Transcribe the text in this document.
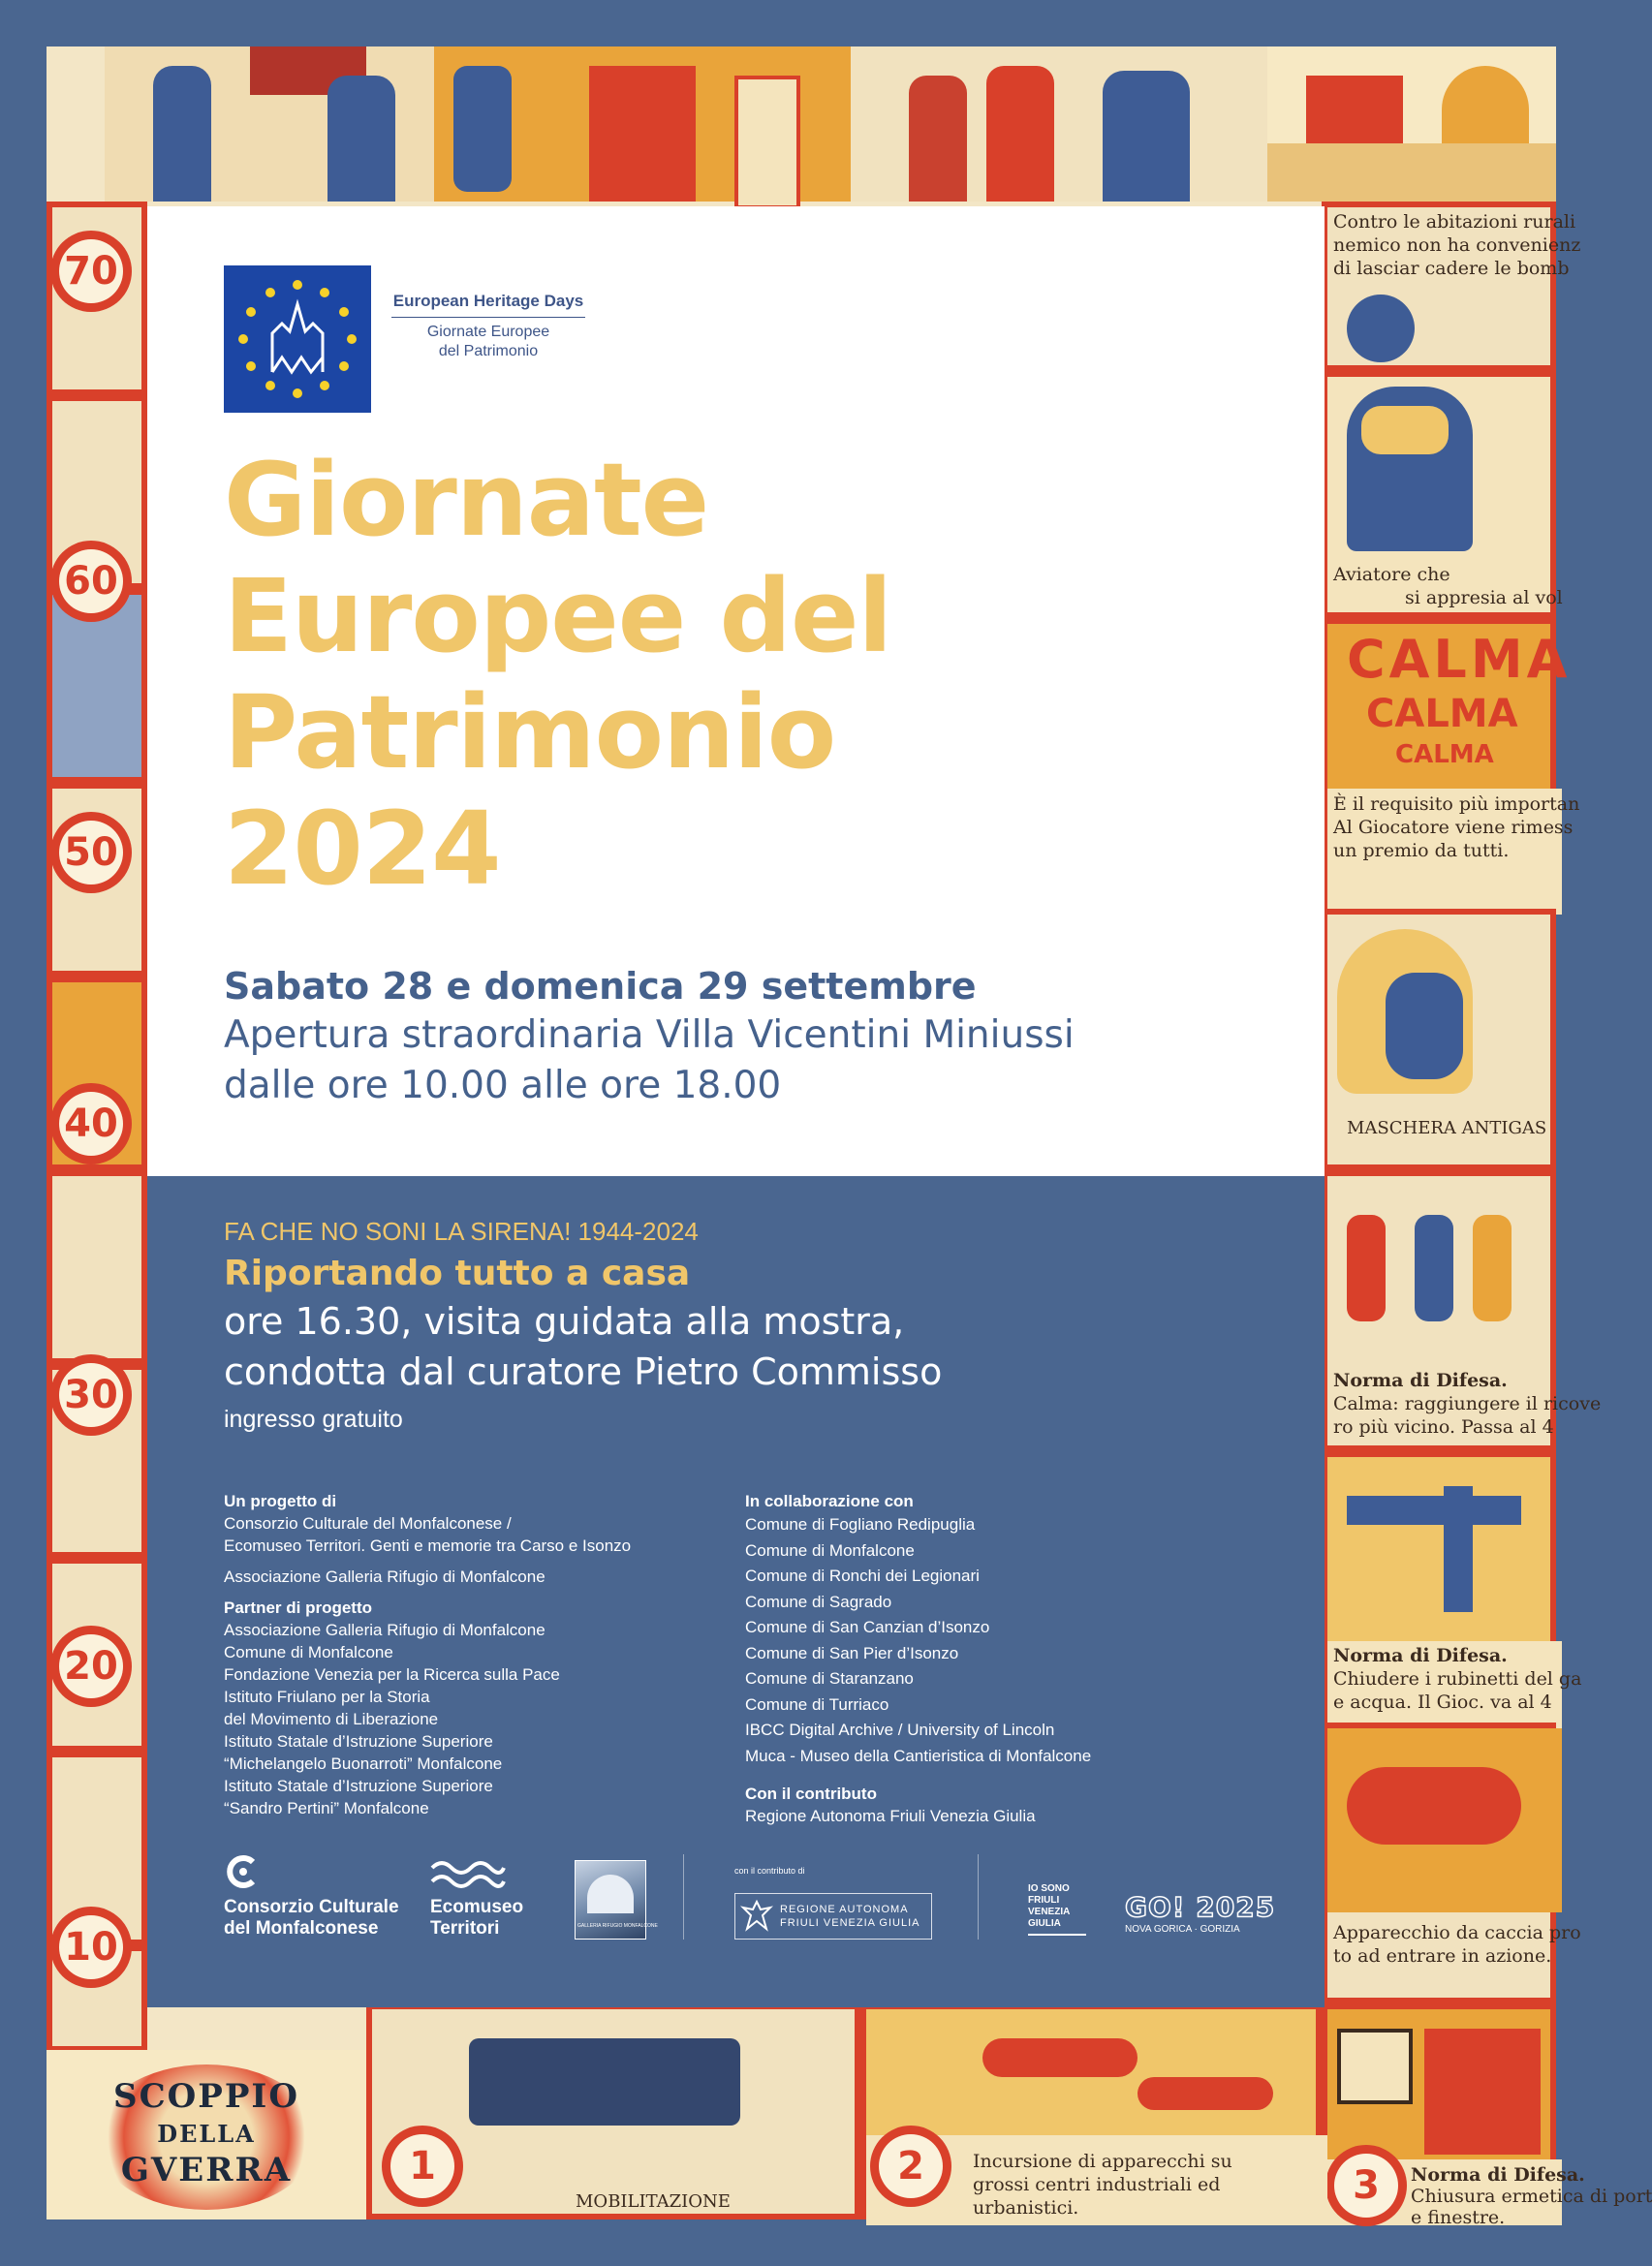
70
60
50
40
30
20
10
Contro le abitazioni rurali
nemico non ha convenienz
di lasciar cadere le bomb
Aviatore che
si appresia al vol
CALMA
CALMA
CALMA
È il requisito più importan
Al Giocatore viene rimess
un premio da tutti.
MASCHERA ANTIGAS
Norma di Difesa.
Calma: raggiungere il ricove
ro più vicino. Passa al 4
Norma di Difesa.
Chiudere i rubinetti del ga
e acqua. Il Gioc. va al 4
Apparecchio da caccia pro
to ad entrare in azione.
3	Norma di Difesa.
Chiusura ermetica di port
e finestre.
SCOPPIO
DELLA
GVERRA	1
MOBILITAZIONE
2	Incursione di apparecchi su
grossi centri industriali ed
urbanistici.
European Heritage Days
Giornate Europee
del Patrimonio
Giornate
Europee del
Patrimonio
2024
Sabato 28 e domenica 29 settembre
Apertura straordinaria Villa Vicentini Miniussi
dalle ore 10.00 alle ore 18.00
FA CHE NO SONI LA SIRENA! 1944-2024
Riportando tutto a casa
ore 16.30, visita guidata alla mostra,
condotta dal curatore Pietro Commisso
ingresso gratuito
Un progetto di
Consorzio Culturale del Monfalconese /
Ecomuseo Territori. Genti e memorie tra Carso e Isonzo
Associazione Galleria Rifugio di Monfalcone
Partner di progetto
Associazione Galleria Rifugio di Monfalcone
Comune di Monfalcone
Fondazione Venezia per la Ricerca sulla Pace
Istituto Friulano per la Storia
del Movimento di Liberazione
Istituto Statale d’Istruzione Superiore
“Michelangelo Buonarroti” Monfalcone
Istituto Statale d’Istruzione Superiore
“Sandro Pertini” Monfalcone
In collaborazione con
Comune di Fogliano Redipuglia
Comune di Monfalcone
Comune di Ronchi dei Legionari
Comune di Sagrado
Comune di San Canzian d’Isonzo
Comune di San Pier d’Isonzo
Comune di Staranzano
Comune di Turriaco
IBCC Digital Archive / University of Lincoln
Muca - Museo della Cantieristica di Monfalcone
Con il contributo
Regione Autonoma Friuli Venezia Giulia
Consorzio Culturale
del Monfalconese
Ecomuseo
Territori	GALLERIA RIFUGIO MONFALCONE
con il contributo di
REGIONE AUTONOMA
FRIULI VENEZIA GIULIA
IO SONO
FRIULI
VENEZIA
GIULIA
GO! 2025
NOVA GORICA · GORIZIA
